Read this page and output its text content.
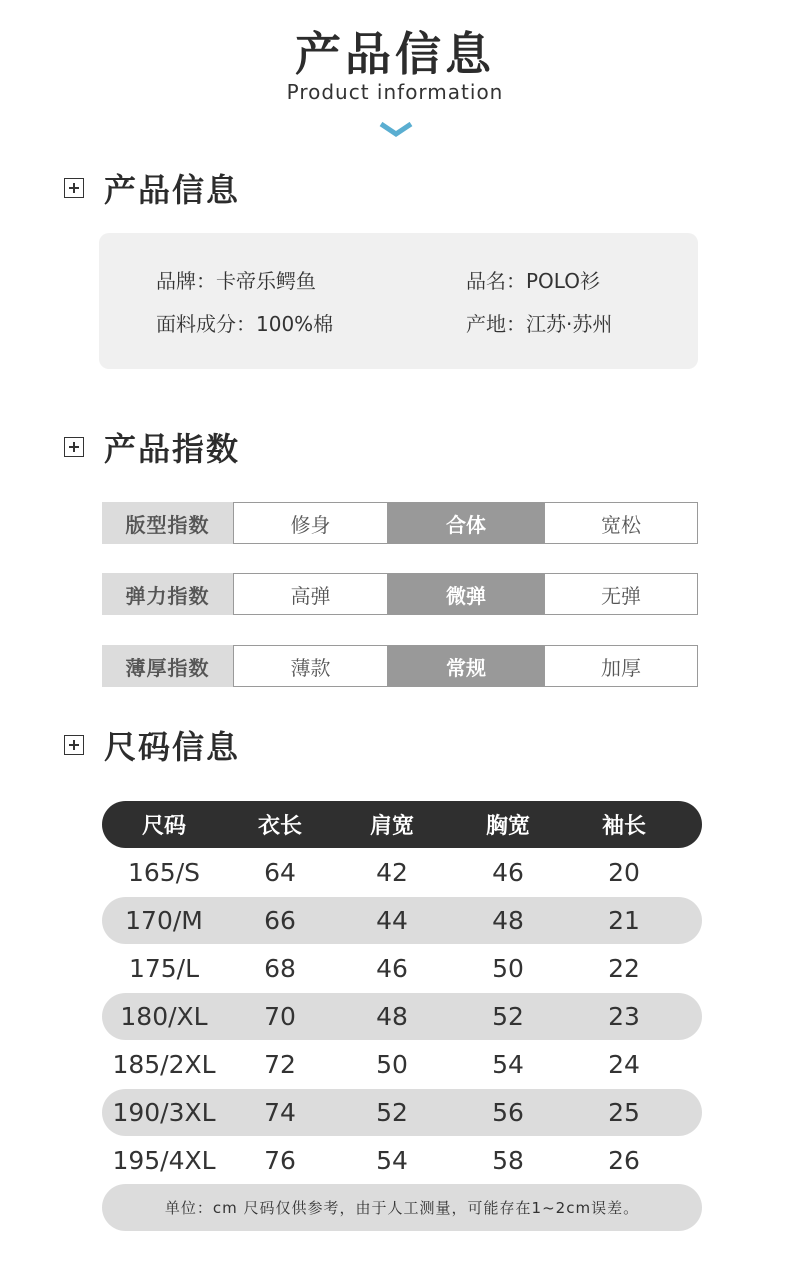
产品信息
Product information
产品信息
品牌： 卡帝乐鳄鱼	品名： POLO衫
面料成分： 100%棉	产地： 江苏·苏州
产品指数
版型指数	修身	合体	宽松
弹力指数	高弹	微弹	无弹
薄厚指数	薄款	常规	加厚
尺码信息
尺码	衣长	肩宽	胸宽	袖长
165/S	64	42	46	20
170/M	66	44	48	21
175/L	68	46	50	22
180/XL	70	48	52	23
185/2XL	72	50	54	24
190/3XL	74	52	56	25
195/4XL	76	54	58	26
单位：cm 尺码仅供参考，由于人工测量，可能存在1~2cm误差。
